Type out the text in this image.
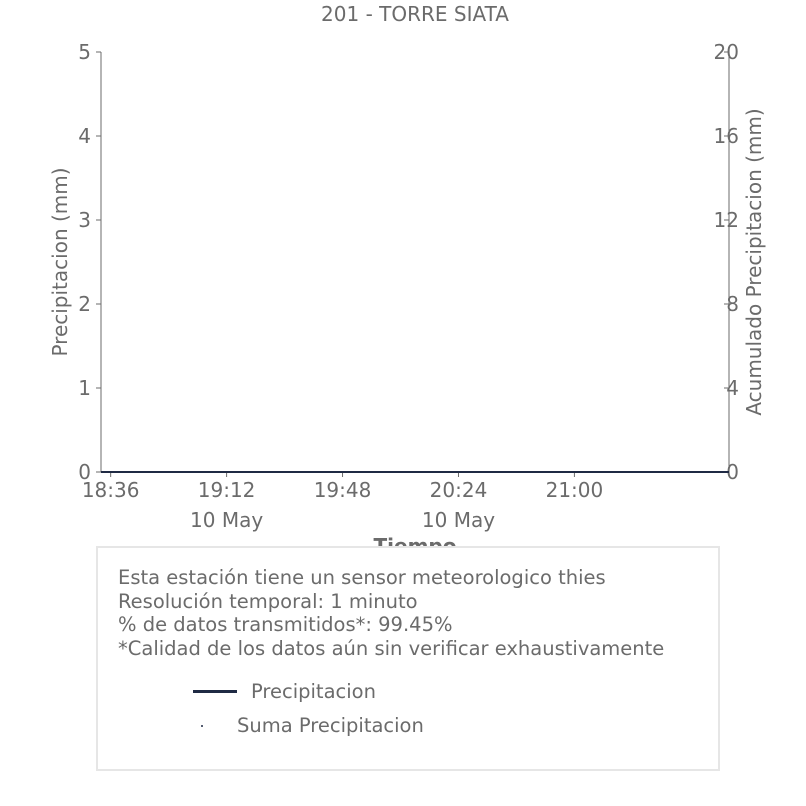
201 - TORRE SIATA
0
1
2
3
4
5
0
4
8
12
16
20
18:36	19:12
10 May
19:48	20:24
10 May
21:00
Precipitacion (mm)	Acumulado Precipitacion (mm)
Esta estación tiene un sensor meteorologico thies
Resolución temporal: 1 minuto
% de datos transmitidos*: 99.45%
*Calidad de los datos aún sin verificar exhaustivamente
Precipitacion
Suma Precipitacion
